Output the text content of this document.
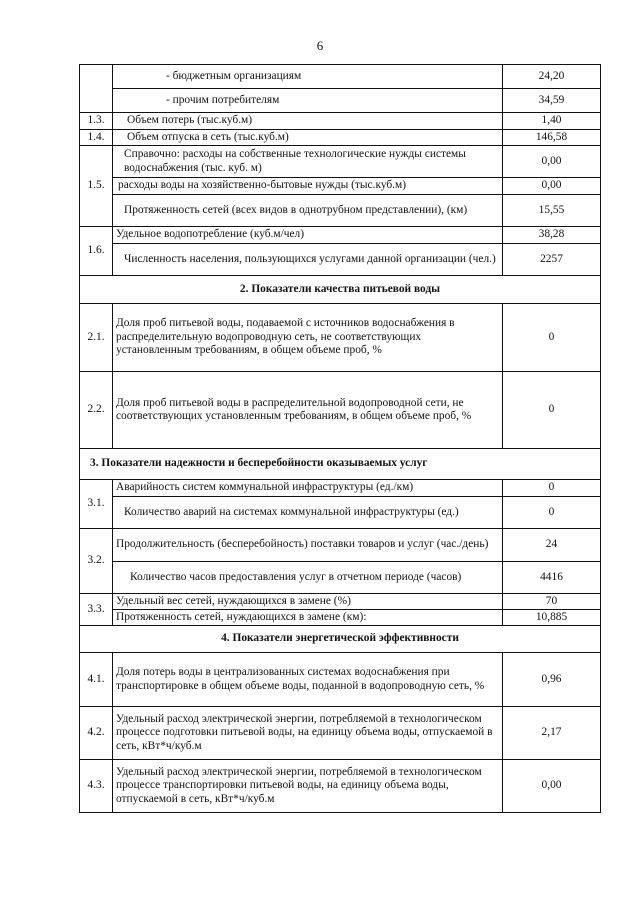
6
	- бюджетным организациям	24,20
	- прочим потребителям	34,59
1.3.	Объем потерь (тыс.куб.м)	1,40
1.4.	Объем отпуска в сеть (тыс.куб.м)	146,58
1.5.	Справочно: расходы на собственные технологические нужды системы водоснабжения (тыс. куб. м)	0,00
	расходы воды на хозяйственно-бытовые нужды (тыс.куб.м)	0,00
	Протяженность сетей (всех видов в однотрубном представлении), (км)	15,55
1.6.	Удельное водопотребление (куб.м/чел)	38,28
	Численность населения, пользующихся услугами данной организации (чел.)	2257
2. Показатели качества питьевой воды		
2.1.	Доля проб питьевой воды, подаваемой с источников водоснабжения в распределительную водопроводную сеть, не соответствующих установленным требованиям, в общем объеме проб, %	0
2.2.	Доля проб питьевой воды в распределительной водопроводной сети, не соответствующих установленным требованиям, в общем объеме проб, %	0
3. Показатели надежности и бесперебойности оказываемых услуг		
3.1.	Аварийность систем коммунальной инфраструктуры (ед./км)	0
	Количество аварий на системах коммунальной инфраструктуры (ед.)	0
3.2.	Продолжительность (бесперебойность) поставки товаров и услуг (час./день)	24
	Количество часов предоставления услуг в отчетном периоде (часов)	4416
3.3.	Удельный вес сетей, нуждающихся в замене (%)	70
	Протяженность сетей, нуждающихся в замене (км):	10,885
4. Показатели энергетической эффективности		
4.1.	Доля потерь воды в централизованных системах водоснабжения при транспортировке в общем объеме воды, поданной в водопроводную сеть, %	0,96
4.2.	Удельный расход электрической энергии, потребляемой в технологическом процессе подготовки питьевой воды, на единицу объема воды, отпускаемой в сеть, кВт*ч/куб.м	2,17
4.3.	Удельный расход электрической энергии, потребляемой в технологическом процессе транспортировки питьевой воды, на единицу объема воды, отпускаемой в сеть, кВт*ч/куб.м	0,00
